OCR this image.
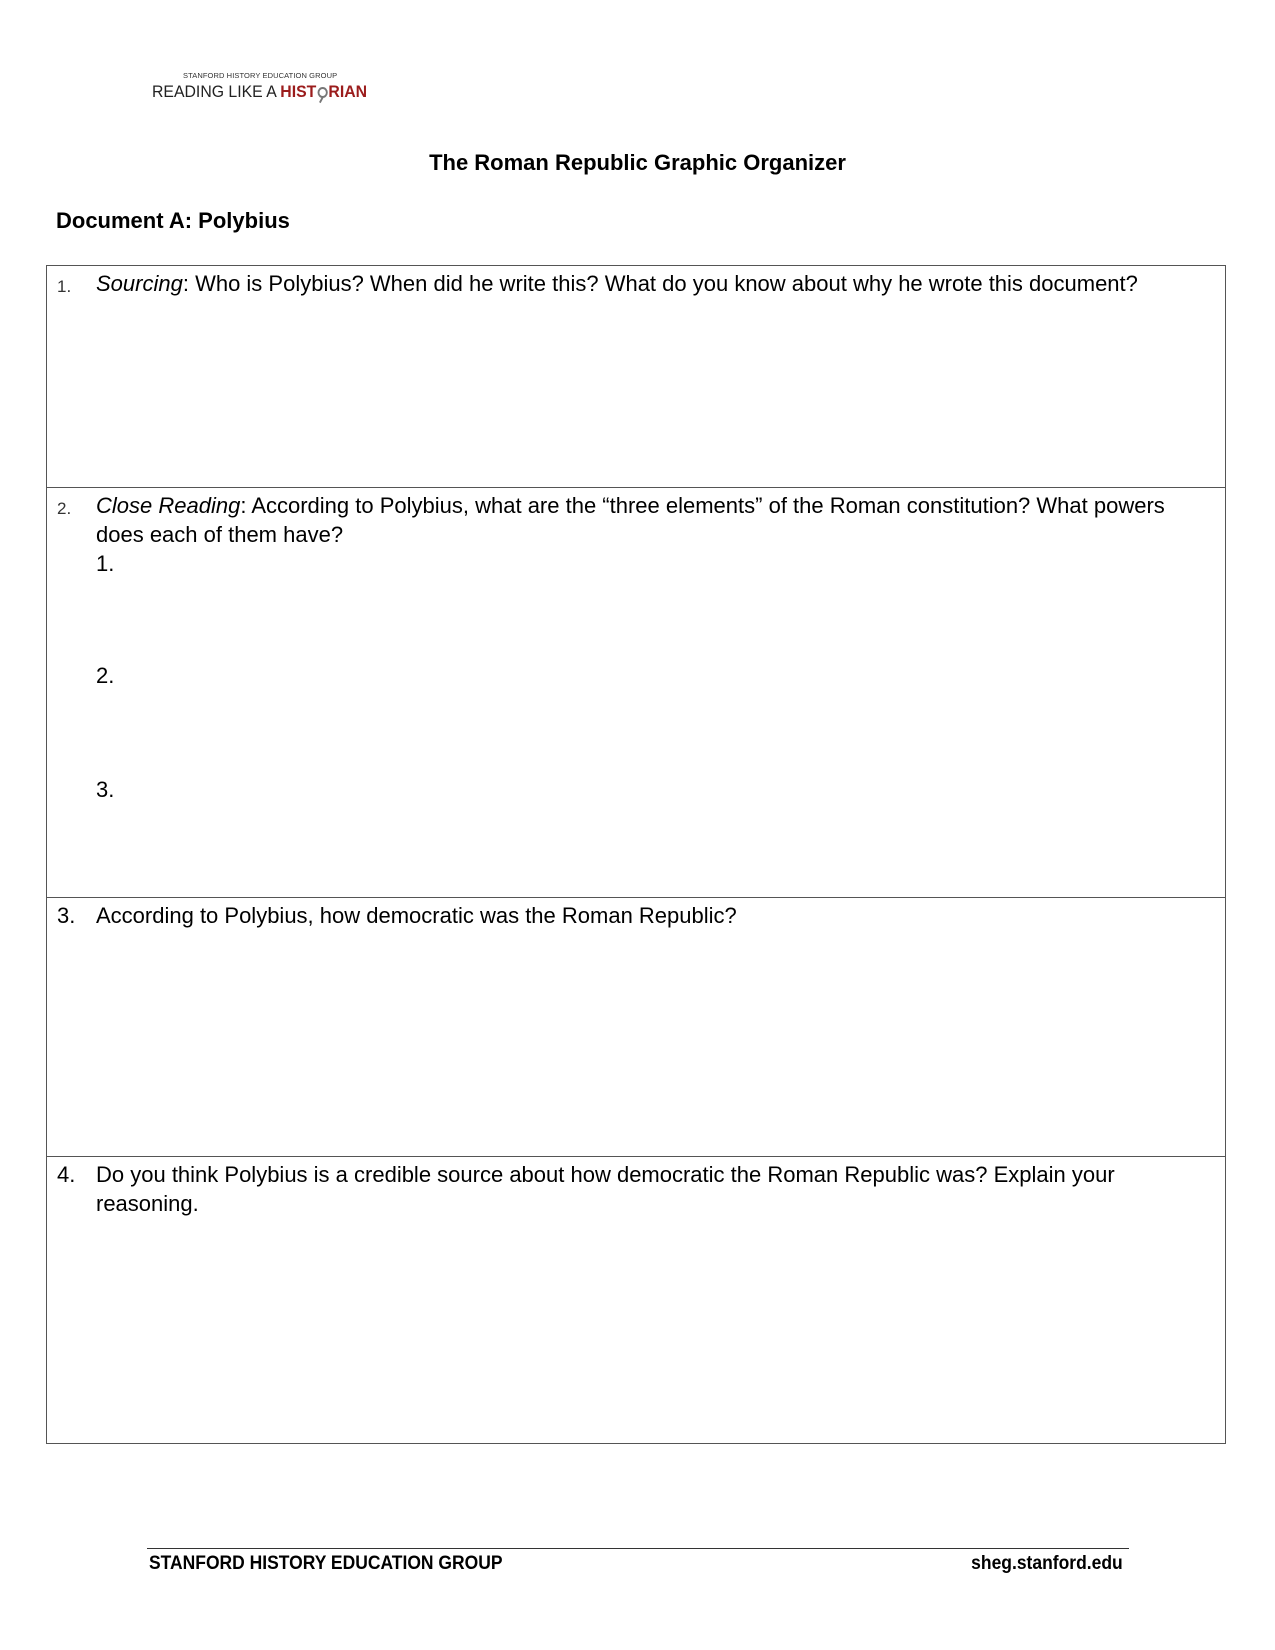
STANFORD HISTORY EDUCATION GROUP
READING LIKE A HIST RIAN
The Roman Republic Graphic Organizer
Document A: Polybius
1. Sourcing: Who is Polybius? When did he write this? What do you know about why he wrote this document?
2. Close Reading: According to Polybius, what are the “three elements” of the Roman constitution? What powers does each of them have?
1.
2.
3.
3. According to Polybius, how democratic was the Roman Republic?
4. Do you think Polybius is a credible source about how democratic the Roman Republic was? Explain your reasoning.
STANFORD HISTORY EDUCATION GROUP	sheg.stanford.edu
